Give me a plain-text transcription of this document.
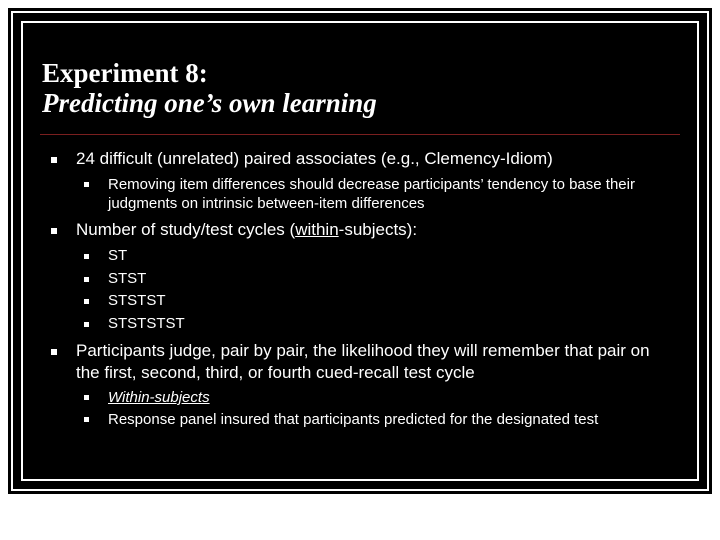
Experiment 8:
Predicting one’s own learning

24 difficult (unrelated) paired associates (e.g., Clemency-Idiom)

Removing item differences should decrease participants’ tendency to base their judgments on intrinsic between-item differences

Number of study/test cycles (within-subjects):

ST

STST

STSTST

STSTSTST

Participants judge, pair by pair, the likelihood they will remember that pair on the first, second, third, or fourth cued-recall test cycle

Within-subjects

Response panel insured that participants predicted for the designated test
